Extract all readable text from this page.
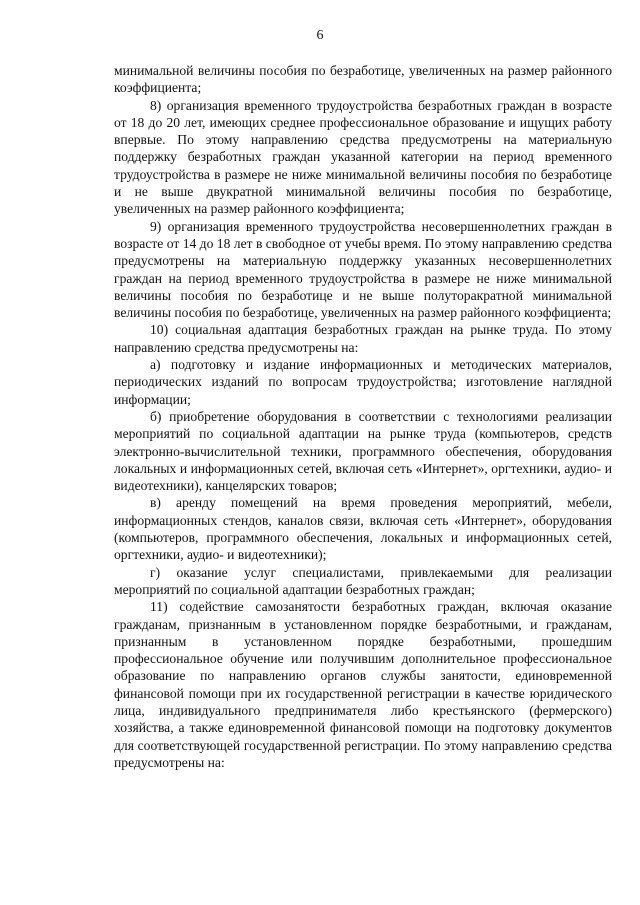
6

минимальной величины пособия по безработице, увеличенных на размер районного коэффициента;

8) организация временного трудоустройства безработных граждан в возрасте от 18 до 20 лет, имеющих среднее профессиональное образование и ищущих работу впервые. По этому направлению средства предусмотрены на материальную поддержку безработных граждан указанной категории на период временного трудоустройства в размере не ниже минимальной величины пособия по безработице и не выше двукратной минимальной величины пособия по безработице, увеличенных на размер районного коэффициента;

9) организация временного трудоустройства несовершеннолетних граждан в возрасте от 14 до 18 лет в свободное от учебы время. По этому направлению средства предусмотрены на материальную поддержку указанных несовершеннолетних граждан на период временного трудоустройства в размере не ниже минимальной величины пособия по безработице и не выше полуторакратной минимальной величины пособия по безработице, увеличенных на размер районного коэффициента;

10) социальная адаптация безработных граждан на рынке труда. По этому направлению средства предусмотрены на:

а) подготовку и издание информационных и методических материалов, периодических изданий по вопросам трудоустройства; изготовление наглядной информации;

б) приобретение оборудования в соответствии с технологиями реализации мероприятий по социальной адаптации на рынке труда (компьютеров, средств электронно-вычислительной техники, программного обеспечения, оборудования локальных и информационных сетей, включая сеть «Интернет», оргтехники, аудио- и видеотехники), канцелярских товаров;

в) аренду помещений на время проведения мероприятий, мебели, информационных стендов, каналов связи, включая сеть «Интернет», оборудования (компьютеров, программного обеспечения, локальных и информационных сетей, оргтехники, аудио- и видеотехники);

г) оказание услуг специалистами, привлекаемыми для реализации мероприятий по социальной адаптации безработных граждан;

11) содействие самозанятости безработных граждан, включая оказание гражданам, признанным в установленном порядке безработными, и гражданам, признанным в установленном порядке безработными, прошедшим профессиональное обучение или получившим дополнительное профессиональное образование по направлению органов службы занятости, единовременной финансовой помощи при их государственной регистрации в качестве юридического лица, индивидуального предпринимателя либо крестьянского (фермерского) хозяйства, а также единовременной финансовой помощи на подготовку документов для соответствующей государственной регистрации. По этому направлению средства предусмотрены на:
